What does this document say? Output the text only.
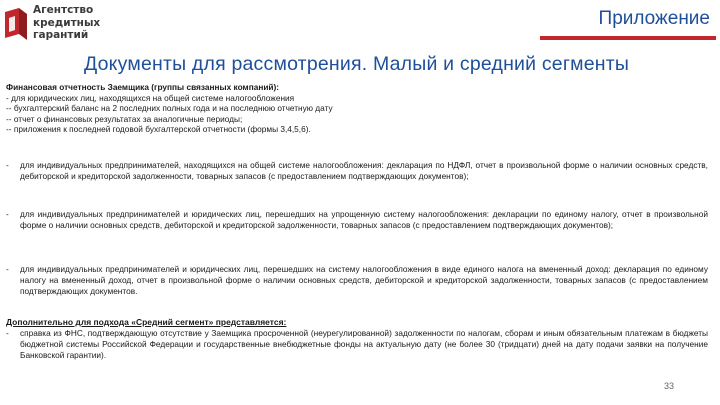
Агентство
кредитных
гарантий
Приложение
Документы для рассмотрения. Малый и средний сегменты

Финансовая отчетность Заемщика (группы связанных компаний):

- для юридических лиц, находящихся на общей системе налогообложения

-- бухгалтерский баланс на 2 последних полных года и на последнюю отчетную дату

-- отчет о финансовых результатах за аналогичные периоды;

-- приложения к последней годовой бухгалтерской отчетности (формы 3,4,5,6).

- для индивидуальных предпринимателей, находящихся на общей системе налогообложения: декларация по НДФЛ, отчет в произвольной форме о наличии основных средств, дебиторской и кредиторской задолженности, товарных запасов (с предоставлением подтверждающих документов);
- для индивидуальных предпринимателей и юридических лиц, перешедших на упрощенную систему налогообложения: декларации по единому налогу, отчет в произвольной форме о наличии основных средств, дебиторской и кредиторской задолженности, товарных запасов (с предоставлением подтверждающих документов);
- для индивидуальных предпринимателей и юридических лиц, перешедших на систему налогообложения в виде единого налога на вмененный доход: декларация по единому налогу на вмененный доход, отчет в произвольной форме о наличии основных средств, дебиторской и кредиторской задолженности, товарных запасов (с предоставлением подтверждающих документов.
Дополнительно для подхода «Средний сегмент» представляется:
- справка из ФНС, подтверждающую отсутствие у Заемщика просроченной (неурегулированной) задолженности по налогам, сборам и иным обязательным платежам в бюджеты бюджетной системы Российской Федерации и государственные внебюджетные фонды на актуальную дату (не более 30 (тридцати) дней на дату подачи заявки на получение Банковской гарантии).
33
